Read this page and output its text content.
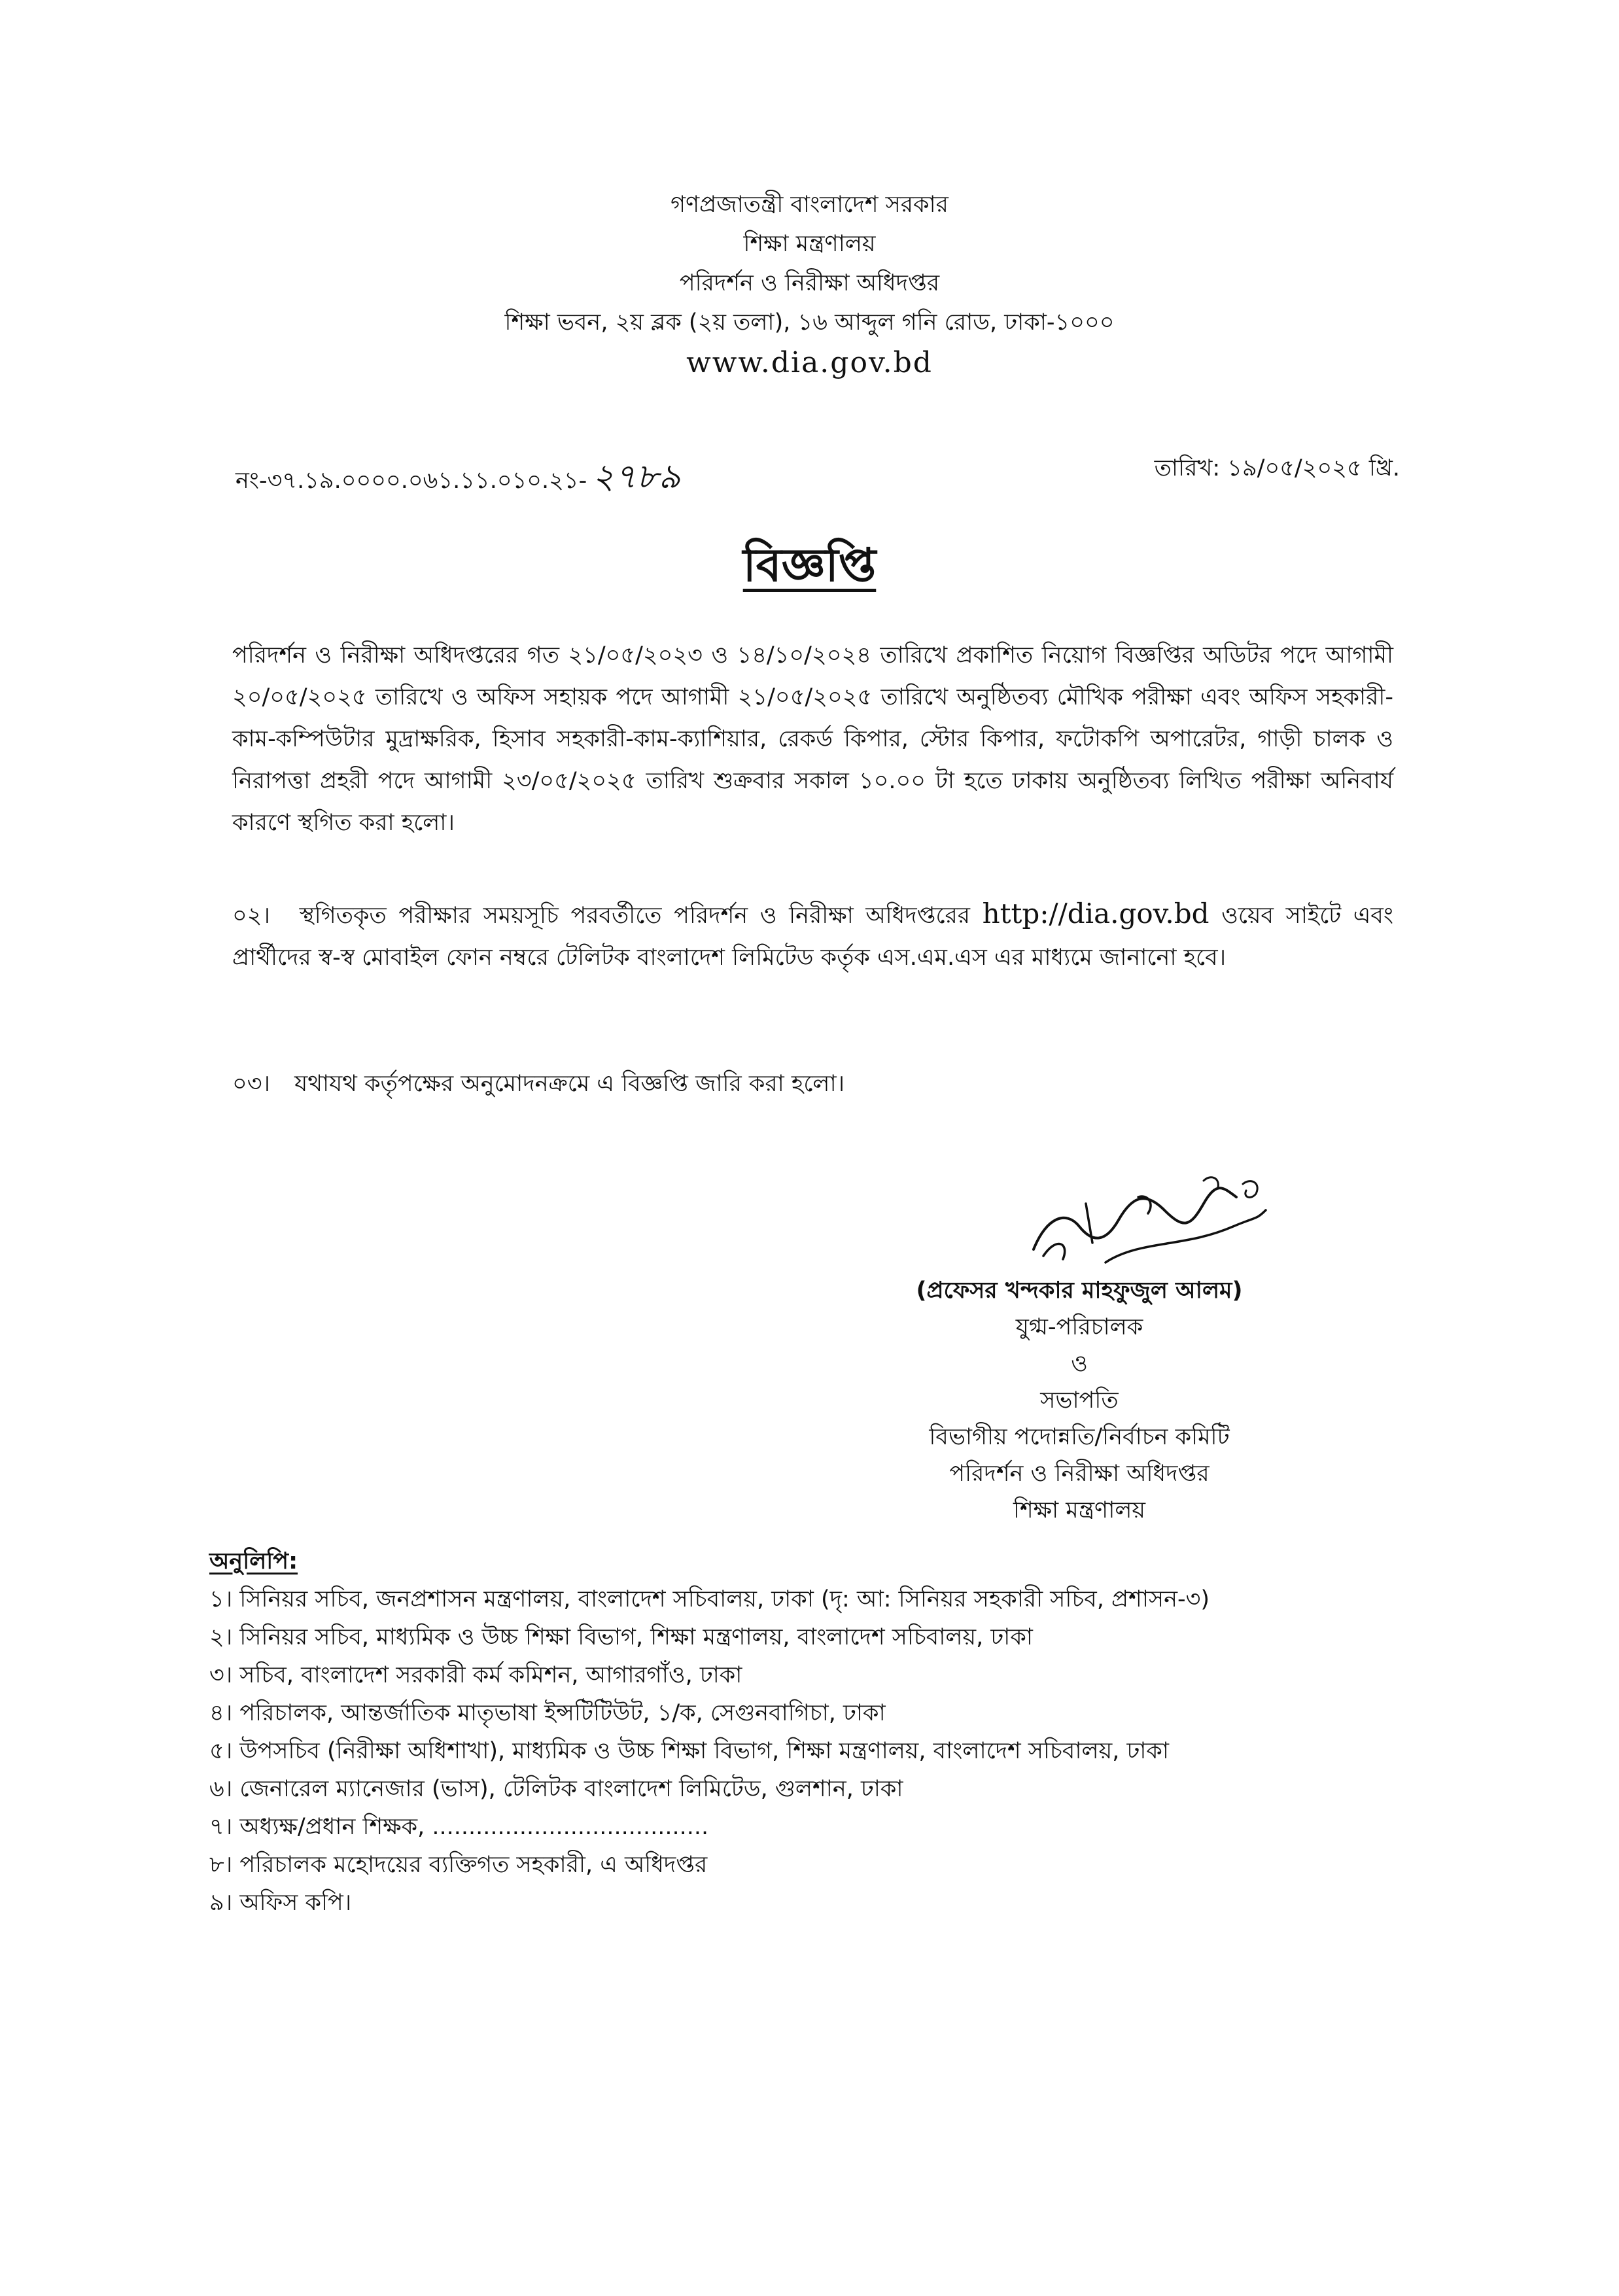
গণপ্রজাতন্ত্রী বাংলাদেশ সরকার
শিক্ষা মন্ত্রণালয়
পরিদর্শন ও নিরীক্ষা অধিদপ্তর
শিক্ষা ভবন, ২য় ব্লক (২য় তলা), ১৬ আব্দুল গনি রোড, ঢাকা-১০০০
www.dia.gov.bd
নং-৩৭.১৯.০০০০.০৬১.১১.০১০.২১- ২৭৮৯	তারিখ: ১৯/০৫/২০২৫ খ্রি.
বিজ্ঞপ্তি
পরিদর্শন ও নিরীক্ষা অধিদপ্তরের গত ২১/০৫/২০২৩ ও ১৪/১০/২০২৪ তারিখে প্রকাশিত নিয়োগ বিজ্ঞপ্তির অডিটর পদে আগামী ২০/০৫/২০২৫ তারিখে ও অফিস সহায়ক পদে আগামী ২১/০৫/২০২৫ তারিখে অনুষ্ঠিতব্য মৌখিক পরীক্ষা এবং অফিস সহকারী-কাম-কম্পিউটার মুদ্রাক্ষরিক, হিসাব সহকারী-কাম-ক্যাশিয়ার, রেকর্ড কিপার, স্টোর কিপার, ফটোকপি অপারেটর, গাড়ী চালক ও নিরাপত্তা প্রহরী পদে আগামী ২৩/০৫/২০২৫ তারিখ শুক্রবার সকাল ১০.০০ টা হতে ঢাকায় অনুষ্ঠিতব্য লিখিত পরীক্ষা অনিবার্য কারণে স্থগিত করা হলো।
০২। স্থগিতকৃত পরীক্ষার সময়সূচি পরবর্তীতে পরিদর্শন ও নিরীক্ষা অধিদপ্তরের http://dia.gov.bd ওয়েব সাইটে এবং প্রার্থীদের স্ব-স্ব মোবাইল ফোন নম্বরে টেলিটক বাংলাদেশ লিমিটেড কর্তৃক এস.এম.এস এর মাধ্যমে জানানো হবে।
০৩। যথাযথ কর্তৃপক্ষের অনুমোদনক্রমে এ বিজ্ঞপ্তি জারি করা হলো।
(প্রফেসর খন্দকার মাহফুজুল আলম)
যুগ্ম-পরিচালক
ও
সভাপতি
বিভাগীয় পদোন্নতি/নির্বাচন কমিটি
পরিদর্শন ও নিরীক্ষা অধিদপ্তর
শিক্ষা মন্ত্রণালয়
অনুলিপি:
১। সিনিয়র সচিব, জনপ্রশাসন মন্ত্রণালয়, বাংলাদেশ সচিবালয়, ঢাকা (দৃ: আ: সিনিয়র সহকারী সচিব, প্রশাসন-৩)
২। সিনিয়র সচিব, মাধ্যমিক ও উচ্চ শিক্ষা বিভাগ, শিক্ষা মন্ত্রণালয়, বাংলাদেশ সচিবালয়, ঢাকা
৩। সচিব, বাংলাদেশ সরকারী কর্ম কমিশন, আগারগাঁও, ঢাকা
৪। পরিচালক, আন্তর্জাতিক মাতৃভাষা ইন্সটিটিউট, ১/ক, সেগুনবাগিচা, ঢাকা
৫। উপসচিব (নিরীক্ষা অধিশাখা), মাধ্যমিক ও উচ্চ শিক্ষা বিভাগ, শিক্ষা মন্ত্রণালয়, বাংলাদেশ সচিবালয়, ঢাকা
৬। জেনারেল ম্যানেজার (ভাস), টেলিটক বাংলাদেশ লিমিটেড, গুলশান, ঢাকা
৭। অধ্যক্ষ/প্রধান শিক্ষক, ......................................
৮। পরিচালক মহোদয়ের ব্যক্তিগত সহকারী, এ অধিদপ্তর
৯। অফিস কপি।
